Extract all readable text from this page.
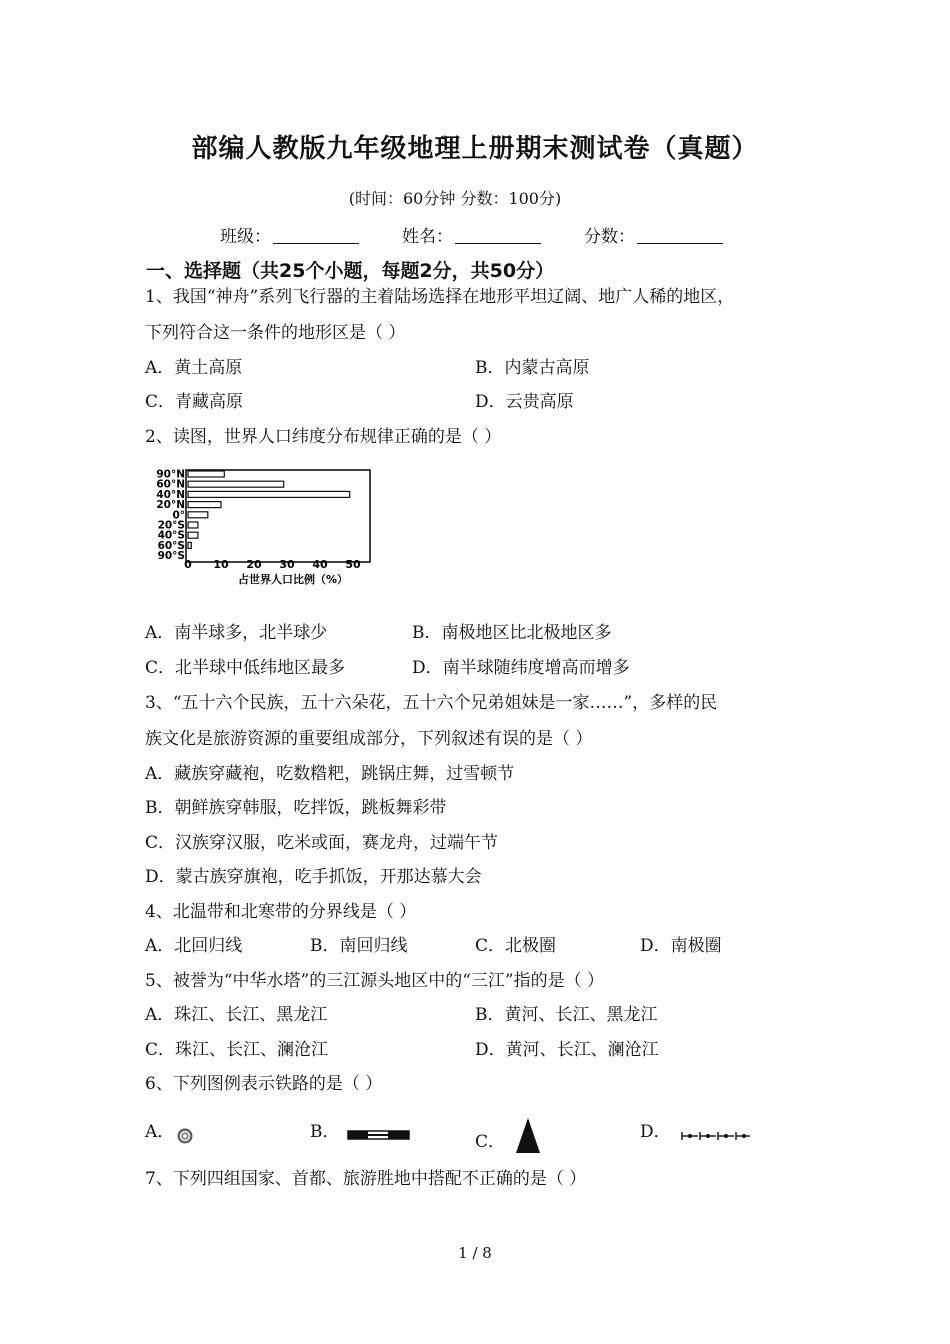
部编人教版九年级地理上册期末测试卷（真题）
(时间：60分钟 分数：100分)
班级：	姓名：	分数：
一、选择题（共25个小题，每题2分，共50分）
1、我国“神舟”系列飞行器的主着陆场选择在地形平坦辽阔、地广人稀的地区，
下列符合这一条件的地形区是（ ）
A．黄土高原	B．内蒙古高原
C．青藏高原	D．云贵高原
2、读图，世界人口纬度分布规律正确的是（ ）
90°N
60°N
40°N
20°N
0°
20°S
40°S
60°S
90°S
0 10 20 30 40 50
占世界人口比例（%）
A．南半球多，北半球少	B．南极地区比北极地区多
C．北半球中低纬地区最多	D．南半球随纬度增高而增多
3、“五十六个民族，五十六朵花，五十六个兄弟姐妹是一家……”，多样的民
族文化是旅游资源的重要组成部分，下列叙述有误的是（ ）
A．藏族穿藏袍，吃数糌粑，跳锅庄舞，过雪顿节
B．朝鲜族穿韩服，吃拌饭，跳板舞彩带
C．汉族穿汉服，吃米或面，赛龙舟，过端午节
D．蒙古族穿旗袍，吃手抓饭，开那达慕大会
4、北温带和北寒带的分界线是（ ）
A．北回归线	B．南回归线	C．北极圈	D．南极圈
5、被誉为“中华水塔”的三江源头地区中的“三江”指的是（ ）
A．珠江、长江、黑龙江	B．黄河、长江、黑龙江
C．珠江、长江、澜沧江	D．黄河、长江、澜沧江
6、下列图例表示铁路的是（ ）
A．	B．	C．	D．
7、下列四组国家、首都、旅游胜地中搭配不正确的是（ ）
1 / 8
